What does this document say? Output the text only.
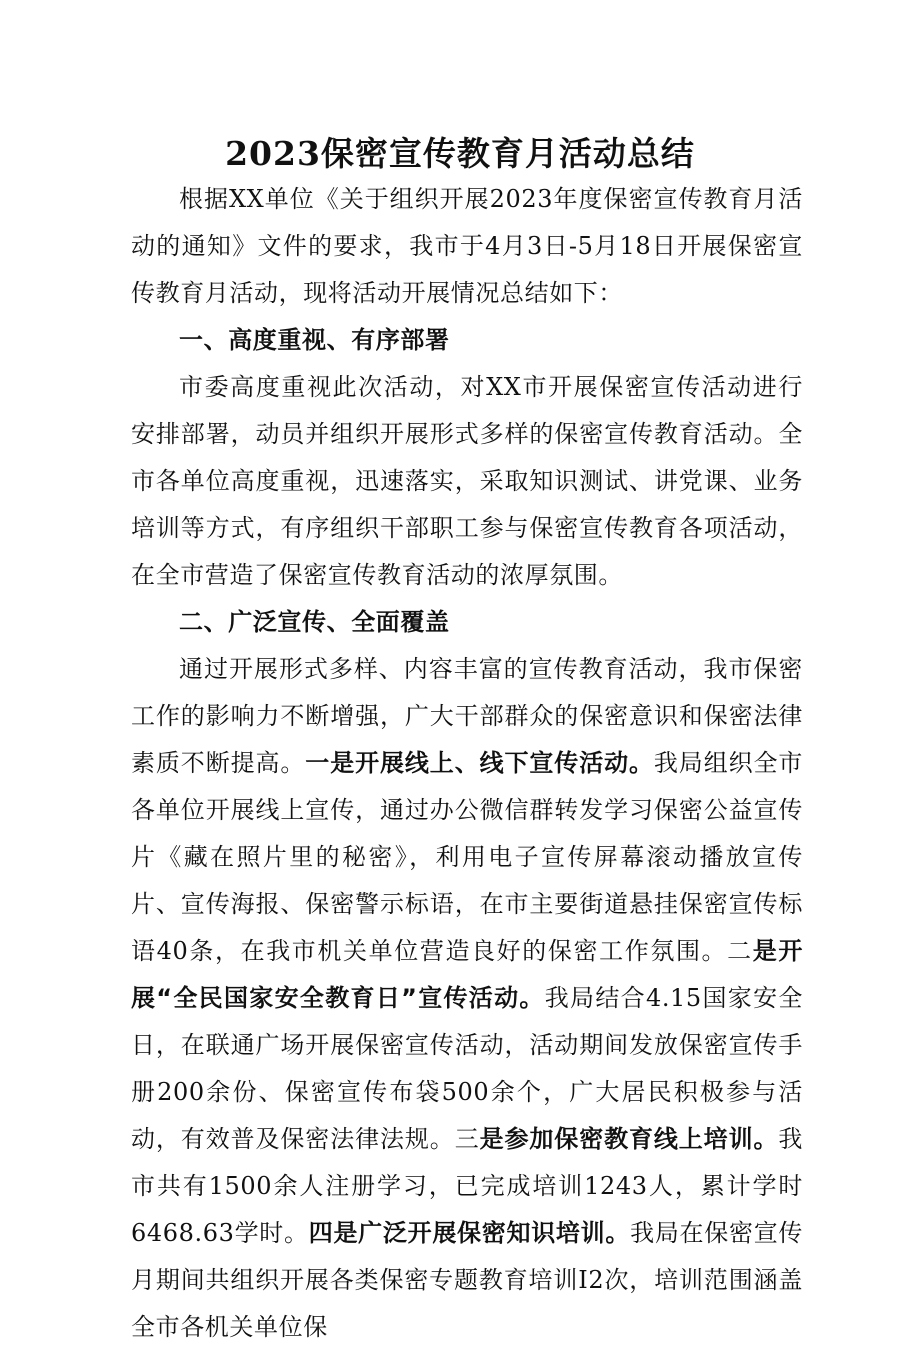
2023保密宣传教育月活动总结

根据XX单位《关于组织开展2023年度保密宣传教育月活动的通知》文件的要求，我市于4月3日-5月18日开展保密宣传教育月活动，现将活动开展情况总结如下：

一、高度重视、有序部署

市委高度重视此次活动，对XX市开展保密宣传活动进行安排部署，动员并组织开展形式多样的保密宣传教育活动。全市各单位高度重视，迅速落实，采取知识测试、讲党课、业务培训等方式，有序组织干部职工参与保密宣传教育各项活动，在全市营造了保密宣传教育活动的浓厚氛围。

二、广泛宣传、全面覆盖

通过开展形式多样、内容丰富的宣传教育活动，我市保密工作的影响力不断增强，广大干部群众的保密意识和保密法律素质不断提高。一是开展线上、线下宣传活动。我局组织全市各单位开展线上宣传，通过办公微信群转发学习保密公益宣传片《藏在照片里的秘密》，利用电子宣传屏幕滚动播放宣传片、宣传海报、保密警示标语，在市主要街道悬挂保密宣传标语40条，在我市机关单位营造良好的保密工作氛围。二是开展“全民国家安全教育日”宣传活动。我局结合4.15国家安全日，在联通广场开展保密宣传活动，活动期间发放保密宣传手册200余份、保密宣传布袋500余个，广大居民积极参与活动，有效普及保密法律法规。三是参加保密教育线上培训。我市共有1500余人注册学习，已完成培训1243人，累计学时6468.63学时。四是广泛开展保密知识培训。我局在保密宣传月期间共组织开展各类保密专题教育培训I2次，培训范围涵盖全市各机关单位保
